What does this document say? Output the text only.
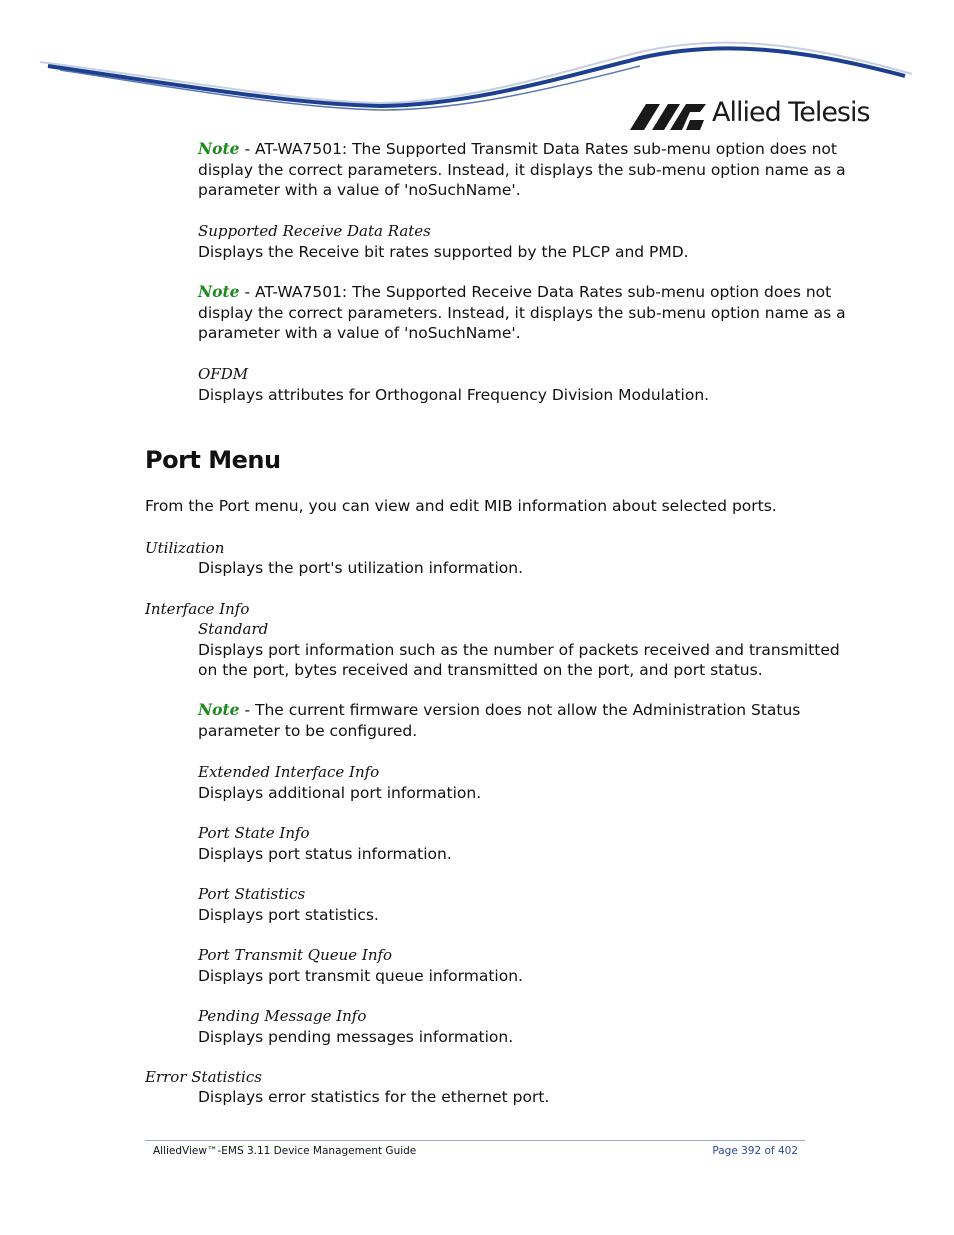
Allied Telesis
Note - AT-WA7501: The Supported Transmit Data Rates sub-menu option does not
display the correct parameters. Instead, it displays the sub-menu option name as a
parameter with a value of 'noSuchName'.
Supported Receive Data Rates
Displays the Receive bit rates supported by the PLCP and PMD.
Note - AT-WA7501: The Supported Receive Data Rates sub-menu option does not
display the correct parameters. Instead, it displays the sub-menu option name as a
parameter with a value of 'noSuchName'.
OFDM
Displays attributes for Orthogonal Frequency Division Modulation.
Port Menu
From the Port menu, you can view and edit MIB information about selected ports.
Utilization
Displays the port's utilization information.
Interface Info
Standard
Displays port information such as the number of packets received and transmitted
on the port, bytes received and transmitted on the port, and port status.
Note - The current firmware version does not allow the Administration Status
parameter to be configured.
Extended Interface Info
Displays additional port information.
Port State Info
Displays port status information.
Port Statistics
Displays port statistics.
Port Transmit Queue Info
Displays port transmit queue information.
Pending Message Info
Displays pending messages information.
Error Statistics
Displays error statistics for the ethernet port.
AlliedView™-EMS 3.11 Device Management Guide	Page 392 of 402
